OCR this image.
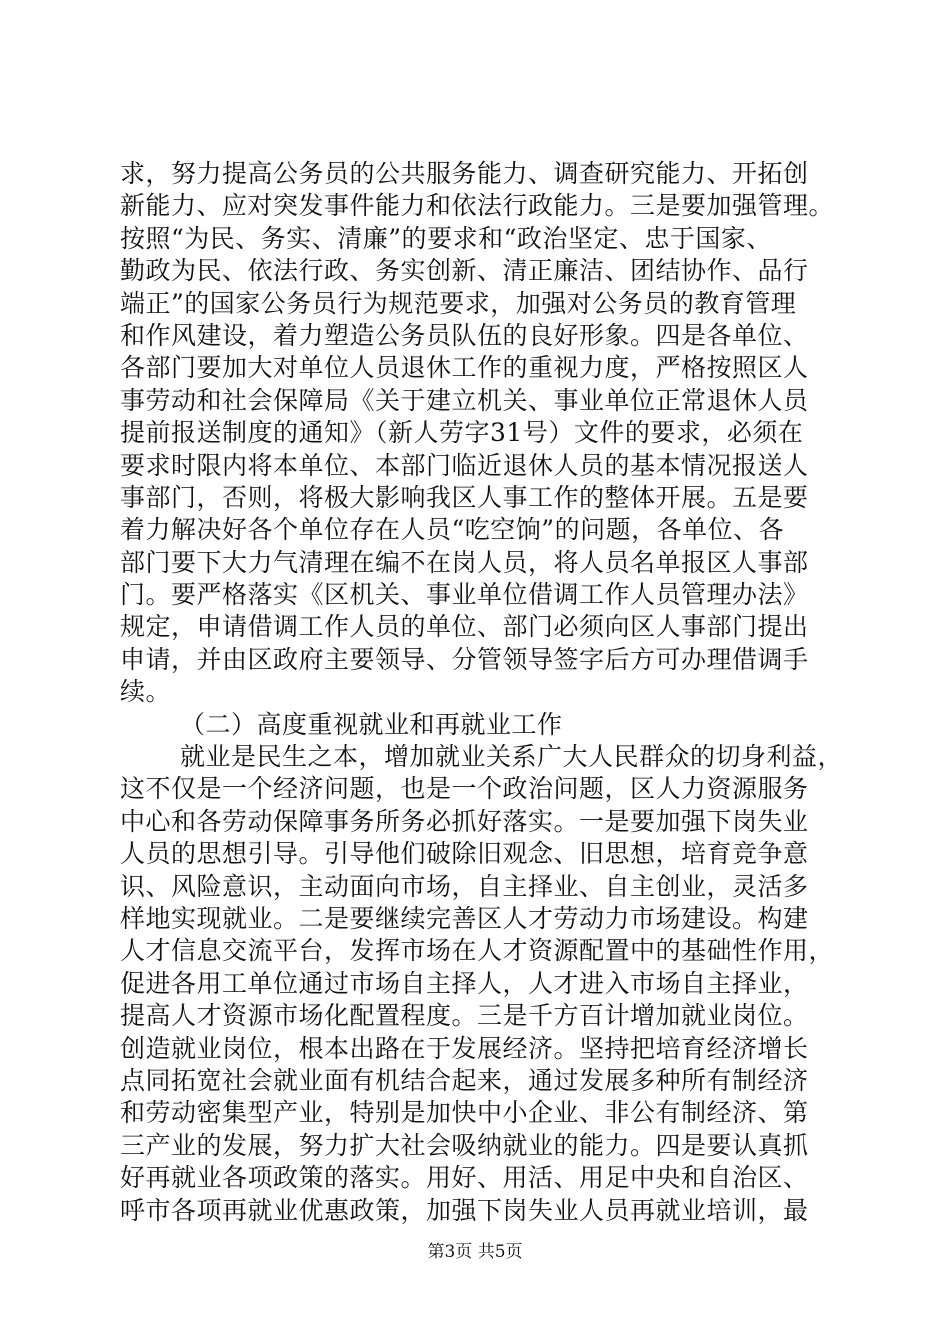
求，努力提高公务员的公共服务能力、调查研究能力、开拓创
新能力、应对突发事件能力和依法行政能力。三是要加强管理。
按照“为民、务实、清廉”的要求和“政治坚定、忠于国家、
勤政为民、依法行政、务实创新、清正廉洁、团结协作、品行
端正”的国家公务员行为规范要求，加强对公务员的教育管理
和作风建设，着力塑造公务员队伍的良好形象。四是各单位、
各部门要加大对单位人员退休工作的重视力度，严格按照区人
事劳动和社会保障局《关于建立机关、事业单位正常退休人员
提前报送制度的通知》（新人劳字31号）文件的要求，必须在
要求时限内将本单位、本部门临近退休人员的基本情况报送人
事部门，否则，将极大影响我区人事工作的整体开展。五是要
着力解决好各个单位存在人员“吃空饷”的问题，各单位、各
部门要下大力气清理在编不在岗人员，将人员名单报区人事部
门。要严格落实《区机关、事业单位借调工作人员管理办法》
规定，申请借调工作人员的单位、部门必须向区人事部门提出
申请，并由区政府主要领导、分管领导签字后方可办理借调手
续。
（二）高度重视就业和再就业工作
就业是民生之本，增加就业关系广大人民群众的切身利益，
这不仅是一个经济问题，也是一个政治问题，区人力资源服务
中心和各劳动保障事务所务必抓好落实。一是要加强下岗失业
人员的思想引导。引导他们破除旧观念、旧思想，培育竞争意
识、风险意识，主动面向市场，自主择业、自主创业，灵活多
样地实现就业。二是要继续完善区人才劳动力市场建设。构建
人才信息交流平台，发挥市场在人才资源配置中的基础性作用，
促进各用工单位通过市场自主择人，人才进入市场自主择业，
提高人才资源市场化配置程度。三是千方百计增加就业岗位。
创造就业岗位，根本出路在于发展经济。坚持把培育经济增长
点同拓宽社会就业面有机结合起来，通过发展多种所有制经济
和劳动密集型产业，特别是加快中小企业、非公有制经济、第
三产业的发展，努力扩大社会吸纳就业的能力。四是要认真抓
好再就业各项政策的落实。用好、用活、用足中央和自治区、
呼市各项再就业优惠政策，加强下岗失业人员再就业培训，最
第3页 共5页
